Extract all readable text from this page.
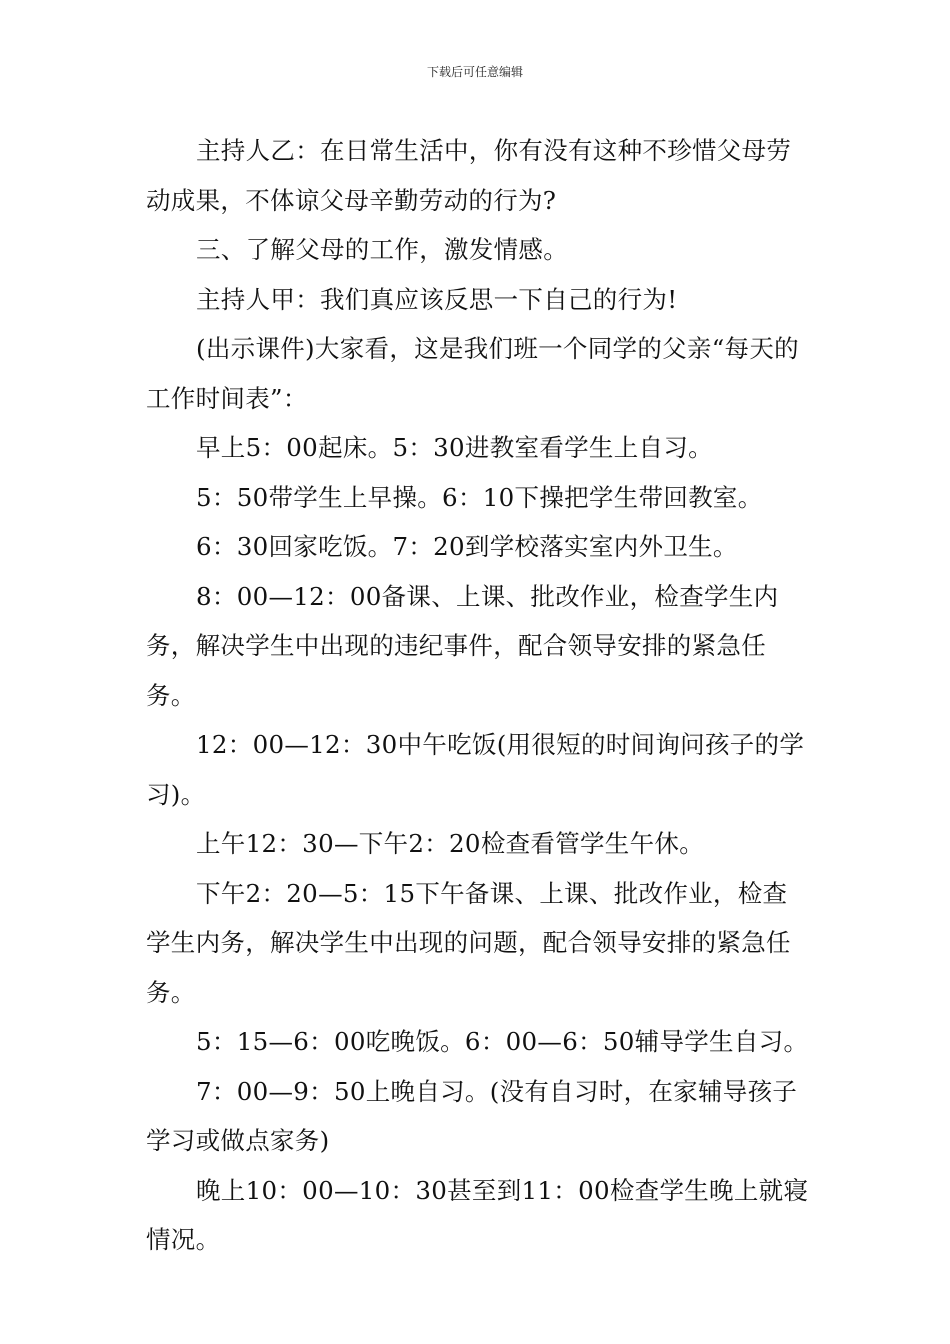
下载后可任意编辑

主持人乙：在日常生活中，你有没有这种不珍惜父母劳动成果，不体谅父母辛勤劳动的行为?

三、了解父母的工作，激发情感。

主持人甲：我们真应该反思一下自己的行为!

(出示课件)大家看，这是我们班一个同学的父亲“每天的工作时间表”：

早上5：00起床。5：30进教室看学生上自习。

5：50带学生上早操。6：10下操把学生带回教室。

6：30回家吃饭。7：20到学校落实室内外卫生。

8：00—12：00备课、上课、批改作业，检查学生内务，解决学生中出现的违纪事件，配合领导安排的紧急任务。

12：00—12：30中午吃饭(用很短的时间询问孩子的学习)。

上午12：30—下午2：20检查看管学生午休。

下午2：20—5：15下午备课、上课、批改作业，检查学生内务，解决学生中出现的问题，配合领导安排的紧急任务。

5：15—6：00吃晚饭。6：00—6：50辅导学生自习。

7：00—9：50上晚自习。(没有自习时，在家辅导孩子学习或做点家务)

晚上10：00—10：30甚至到11：00检查学生晚上就寝情况。
